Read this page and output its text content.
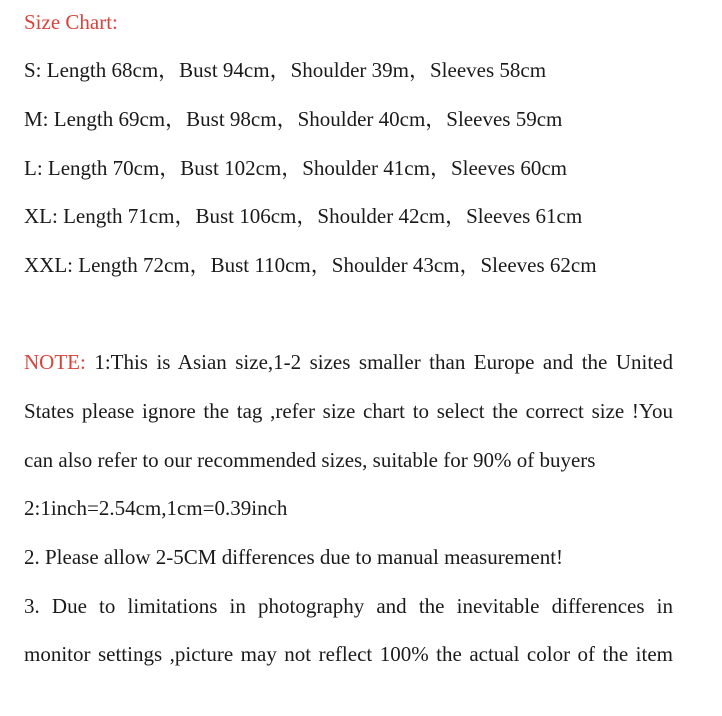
Size Chart:
S: Length 68cm，Bust 94cm，Shoulder 39m，Sleeves 58cm
M: Length 69cm，Bust 98cm，Shoulder 40cm，Sleeves 59cm
L: Length 70cm，Bust 102cm，Shoulder 41cm，Sleeves 60cm
XL: Length 71cm，Bust 106cm，Shoulder 42cm，Sleeves 61cm
XXL: Length 72cm，Bust 110cm，Shoulder 43cm，Sleeves 62cm
NOTE: 1:This is Asian size,1-2 sizes smaller than Europe and the United
States please ignore the tag ,refer size chart to select the correct size !You
can also refer to our recommended sizes, suitable for 90% of buyers
2:1inch=2.54cm,1cm=0.39inch
2. Please allow 2-5CM differences due to manual measurement!
3. Due to limitations in photography and the inevitable differences in
monitor settings ,picture may not reflect 100% the actual color of the item
